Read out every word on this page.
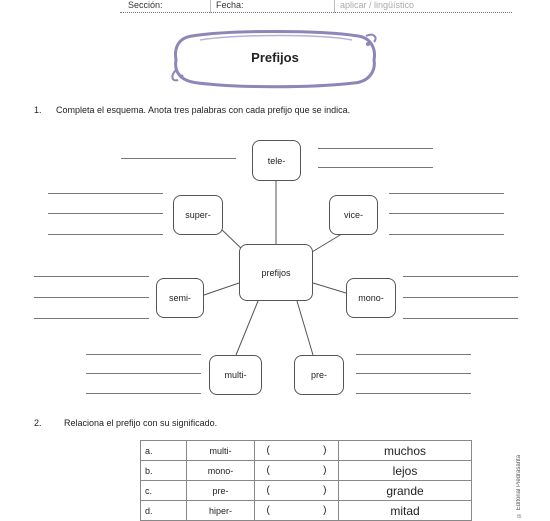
Sección:	Fecha:	aplicar / lingüístico
Prefijos
1. Completa el esquema. Anota tres palabras con cada prefijo que se indica.
prefijos
tele-
vice-
mono-
pre-
multi-
semi-
super-
2. Relaciona el prefijo con su significado.
a.	multi-	( )	muchos
b.	mono-	( )	lejos
c.	pre-	( )	grande
d.	hiper-	( )	mitad	© Editorial Piedrasanta
